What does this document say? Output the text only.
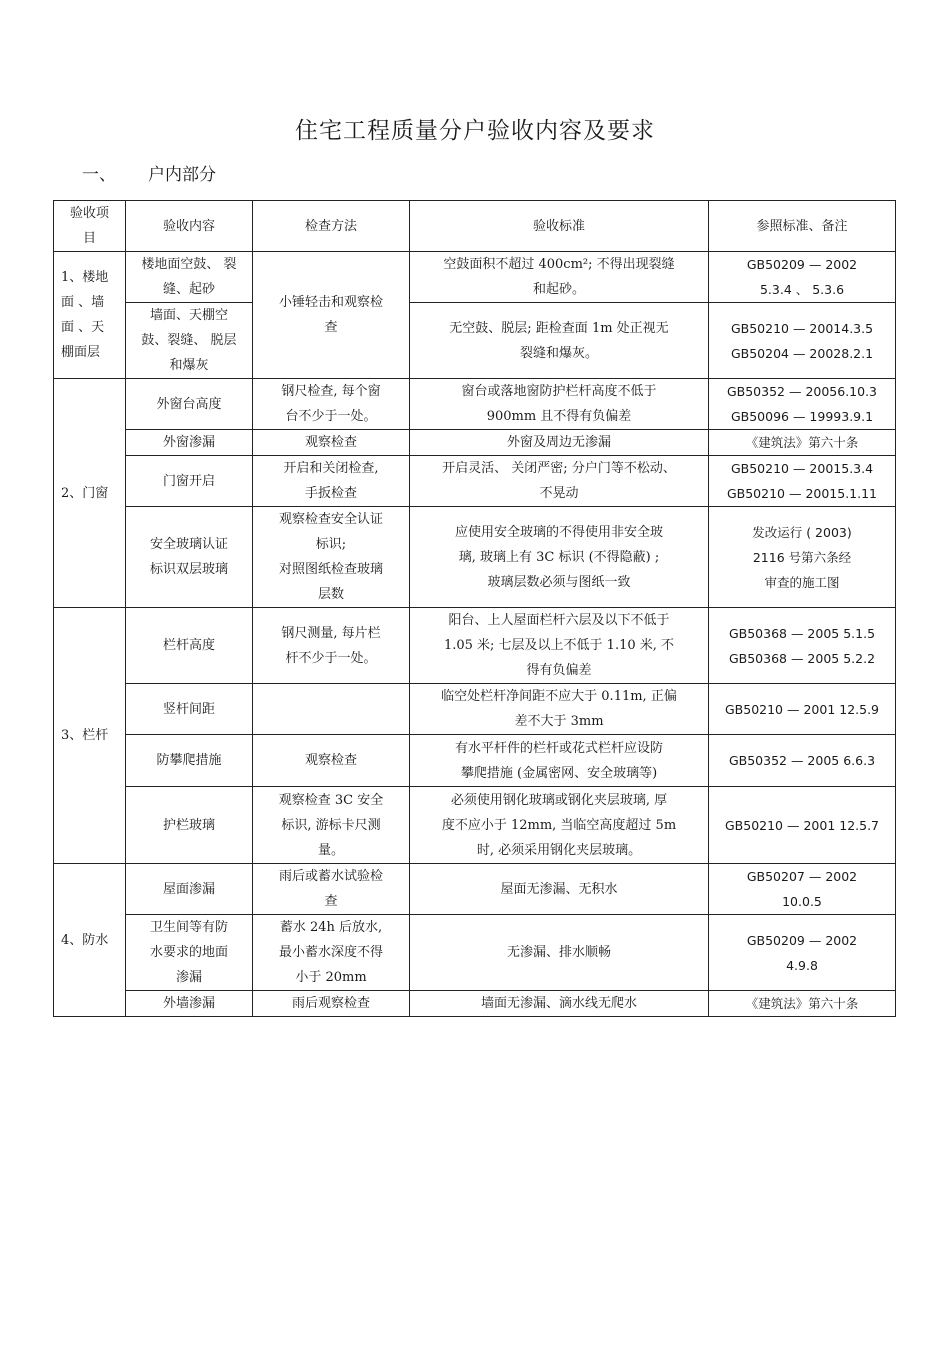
住宅工程质量分户验收内容及要求
一、 户内部分
验收项
目	验收内容	检查方法	验收标准	参照标准、备注
1、楼地
面 、墙
面 、天
棚面层	楼地面空鼓、 裂
缝、起砂	小锤轻击和观察检
查	空鼓面积不超过 400cm²; 不得出现裂缝
和起砂。	GB50209 — 2002
5.3.4 、 5.3.6
	墙面、天棚空
鼓、裂缝、 脱层
和爆灰		无空鼓、脱层; 距检查面 1m 处正视无
裂缝和爆灰。	GB50210 — 20014.3.5
GB50204 — 20028.2.1
2、门窗	外窗台高度	钢尺检查, 每个窗
台不少于一处。	窗台或落地窗防护栏杆高度不低于
900mm 且不得有负偏差	GB50352 — 20056.10.3
GB50096 — 19993.9.1
	外窗渗漏	观察检查	外窗及周边无渗漏	《建筑法》第六十条
	门窗开启	开启和关闭检查,
手扳检查	开启灵活、 关闭严密; 分户门等不松动、
不晃动	GB50210 — 20015.3.4
GB50210 — 20015.1.11
	安全玻璃认证
标识双层玻璃	观察检查安全认证
标识;
对照图纸检查玻璃
层数	应使用安全玻璃的不得使用非安全玻
璃, 玻璃上有 3C 标识 (不得隐蔽) ;
玻璃层数必须与图纸一致	发改运行 ( 2003)
2116 号第六条经
审查的施工图
3、栏杆	栏杆高度	钢尺测量, 每片栏
杆不少于一处。	阳台、上人屋面栏杆六层及以下不低于
1.05 米; 七层及以上不低于 1.10 米, 不
得有负偏差	GB50368 — 2005 5.1.5
GB50368 — 2005 5.2.2
	竖杆间距		临空处栏杆净间距不应大于 0.11m, 正偏
差不大于 3mm	GB50210 — 2001 12.5.9
	防攀爬措施	观察检查	有水平杆件的栏杆或花式栏杆应设防
攀爬措施 (金属密网、安全玻璃等)	GB50352 — 2005 6.6.3
	护栏玻璃	观察检查 3C 安全
标识, 游标卡尺测
量。	必须使用钢化玻璃或钢化夹层玻璃, 厚
度不应小于 12mm, 当临空高度超过 5m
时, 必须采用钢化夹层玻璃。	GB50210 — 2001 12.5.7
4、防水	屋面渗漏	雨后或蓄水试验检
查	屋面无渗漏、无积水	GB50207 — 2002
10.0.5
	卫生间等有防
水要求的地面
渗漏	蓄水 24h 后放水,
最小蓄水深度不得
小于 20mm	无渗漏、排水顺畅	GB50209 — 2002
4.9.8
	外墙渗漏	雨后观察检查	墙面无渗漏、滴水线无爬水	《建筑法》第六十条
